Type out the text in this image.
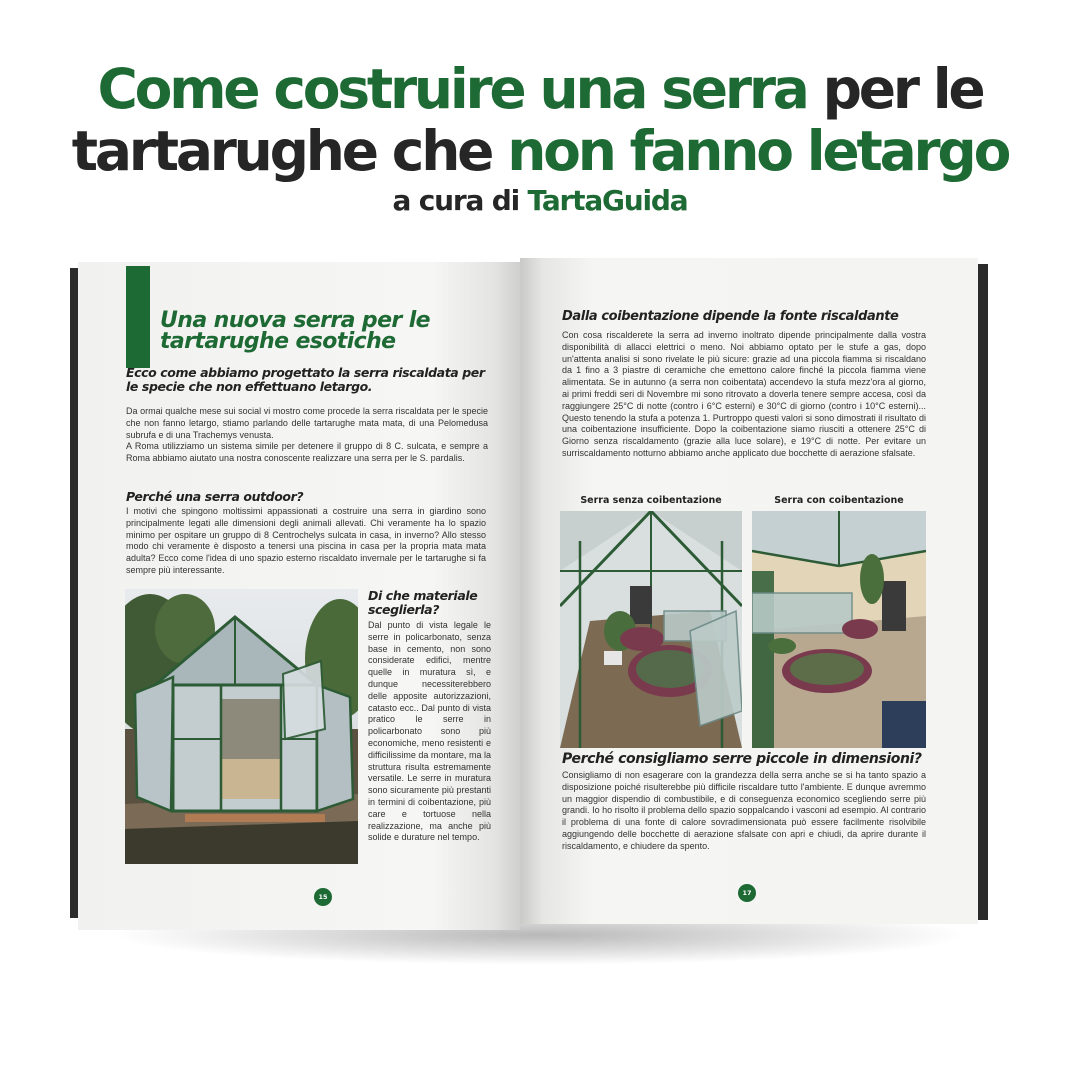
Come costruire una serra per le
tartarughe che non fanno letargo
a cura di TartaGuida
Una nuova serra per le tartarughe esotiche
Ecco come abbiamo progettato la serra riscaldata per le specie che non effettuano letargo.
Da ormai qualche mese sui social vi mostro come procede la serra riscaldata per le specie che non fanno letargo, stiamo parlando delle tartarughe mata mata, di una Pelomedusa subrufa e di una Trachemys venusta.
A Roma utilizziamo un sistema simile per detenere il gruppo di 8 C. sulcata, e sempre a Roma abbiamo aiutato una nostra conoscente realizzare una serra per le S. pardalis.
Perché una serra outdoor?
I motivi che spingono moltissimi appassionati a costruire una serra in giardino sono principalmente legati alle dimensioni degli animali allevati. Chi veramente ha lo spazio minimo per ospitare un gruppo di 8 Centrochelys sulcata in casa, in inverno? Allo stesso modo chi veramente è disposto a tenersi una piscina in casa per la propria mata mata adulta? Ecco come l'idea di uno spazio esterno riscaldato invernale per le tartarughe si fa sempre più interessante.
Di che materiale sceglierla?
Dal punto di vista legale le serre in policarbonato, senza base in cemento, non sono considerate edifici, mentre quelle in muratura sì, e dunque necessiterebbero delle apposite autorizzazioni, catasto ecc.. Dal punto di vista pratico le serre in policarbonato sono più economiche, meno resistenti e difficilissime da montare, ma la struttura risulta estremamente versatile. Le serre in muratura sono sicuramente più prestanti in termini di coibentazione, più care e tortuose nella realizzazione, ma anche più solide e durature nel tempo.
15
Dalla coibentazione dipende la fonte riscaldante
Con cosa riscalderete la serra ad inverno inoltrato dipende principalmente dalla vostra disponibilità di allacci elettrici o meno. Noi abbiamo optato per le stufe a gas, dopo un'attenta analisi si sono rivelate le più sicure: grazie ad una piccola fiamma si riscaldano da 1 fino a 3 piastre di ceramiche che emettono calore finché la piccola fiamma viene alimentata. Se in autunno (a serra non coibentata) accendevo la stufa mezz'ora al giorno, ai primi freddi seri di Novembre mi sono ritrovato a doverla tenere sempre accesa, così da raggiungere 25°C di notte (contro i 6°C esterni) e 30°C di giorno (contro i 10°C esterni)... Questo tenendo la stufa a potenza 1. Purtroppo questi valori si sono dimostrati il risultato di una coibentazione insufficiente. Dopo la coibentazione siamo riusciti a ottenere 25°C di Giorno senza riscaldamento (grazie alla luce solare), e 19°C di notte. Per evitare un surriscaldamento notturno abbiamo anche applicato due bocchette di aerazione sfalsate.
Serra senza coibentazione	Serra con coibentazione
Perché consigliamo serre piccole in dimensioni?
Consigliamo di non esagerare con la grandezza della serra anche se si ha tanto spazio a disposizione poiché risulterebbe più difficile riscaldare tutto l'ambiente. E dunque avremmo un maggior dispendio di combustibile, e di conseguenza economico scegliendo serre più grandi. Io ho risolto il problema dello spazio soppalcando i vasconi ad esempio. Al contrario il problema di una fonte di calore sovradimensionata può essere facilmente risolvibile aggiungendo delle bocchette di aerazione sfalsate con apri e chiudi, da aprire durante il riscaldamento, e chiudere da spento.
17
